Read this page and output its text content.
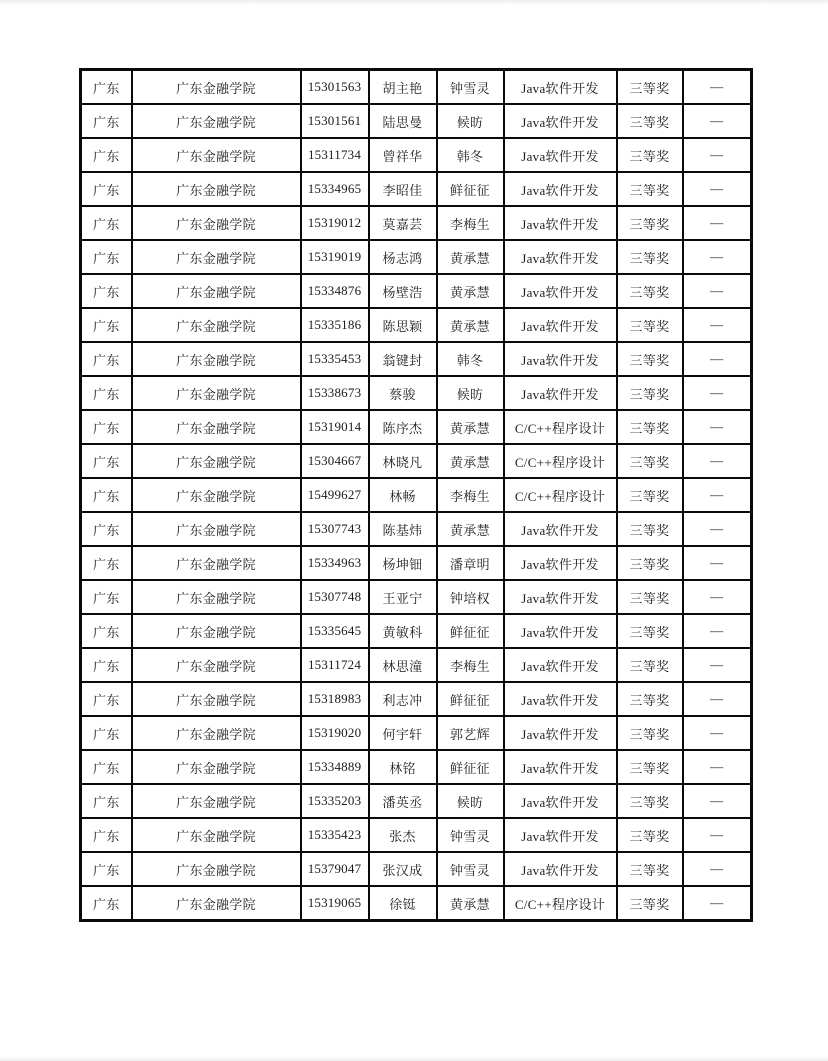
广东	广东金融学院	15301563	胡主艳	钟雪灵	Java软件开发	三等奖	—
广东	广东金融学院	15301561	陆思曼	候昉	Java软件开发	三等奖	—
广东	广东金融学院	15311734	曾祥华	韩冬	Java软件开发	三等奖	—
广东	广东金融学院	15334965	李昭佳	鲜征征	Java软件开发	三等奖	—
广东	广东金融学院	15319012	莫嘉芸	李梅生	Java软件开发	三等奖	—
广东	广东金融学院	15319019	杨志鸿	黄承慧	Java软件开发	三等奖	—
广东	广东金融学院	15334876	杨壁浩	黄承慧	Java软件开发	三等奖	—
广东	广东金融学院	15335186	陈思颖	黄承慧	Java软件开发	三等奖	—
广东	广东金融学院	15335453	翁键封	韩冬	Java软件开发	三等奖	—
广东	广东金融学院	15338673	蔡骏	候昉	Java软件开发	三等奖	—
广东	广东金融学院	15319014	陈序杰	黄承慧	C/C++程序设计	三等奖	—
广东	广东金融学院	15304667	林晓凡	黄承慧	C/C++程序设计	三等奖	—
广东	广东金融学院	15499627	林畅	李梅生	C/C++程序设计	三等奖	—
广东	广东金融学院	15307743	陈基炜	黄承慧	Java软件开发	三等奖	—
广东	广东金融学院	15334963	杨坤钿	潘章明	Java软件开发	三等奖	—
广东	广东金融学院	15307748	王亚宁	钟培权	Java软件开发	三等奖	—
广东	广东金融学院	15335645	黄敏科	鲜征征	Java软件开发	三等奖	—
广东	广东金融学院	15311724	林思潼	李梅生	Java软件开发	三等奖	—
广东	广东金融学院	15318983	利志冲	鲜征征	Java软件开发	三等奖	—
广东	广东金融学院	15319020	何宇轩	郭艺辉	Java软件开发	三等奖	—
广东	广东金融学院	15334889	林铭	鲜征征	Java软件开发	三等奖	—
广东	广东金融学院	15335203	潘英丞	候昉	Java软件开发	三等奖	—
广东	广东金融学院	15335423	张杰	钟雪灵	Java软件开发	三等奖	—
广东	广东金融学院	15379047	张汉成	钟雪灵	Java软件开发	三等奖	—
广东	广东金融学院	15319065	徐铤	黄承慧	C/C++程序设计	三等奖	—
